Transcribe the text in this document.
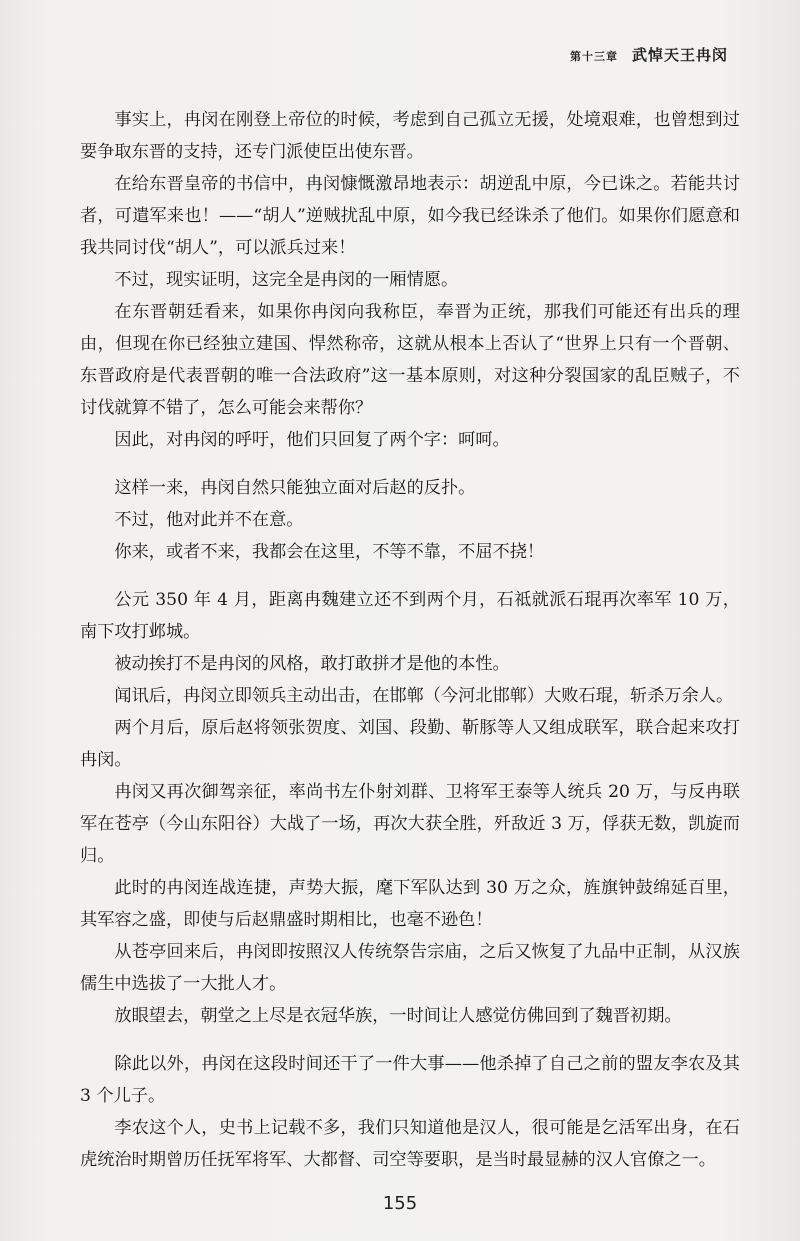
第十三章 武悼天王冉闵

事实上，冉闵在刚登上帝位的时候，考虑到自己孤立无援，处境艰难，也曾想到过要争取东晋的支持，还专门派使臣出使东晋。

在给东晋皇帝的书信中，冉闵慷慨激昂地表示：胡逆乱中原，今已诛之。若能共讨者，可遣军来也！——“胡人”逆贼扰乱中原，如今我已经诛杀了他们。如果你们愿意和我共同讨伐“胡人”，可以派兵过来！

不过，现实证明，这完全是冉闵的一厢情愿。

在东晋朝廷看来，如果你冉闵向我称臣，奉晋为正统，那我们可能还有出兵的理由，但现在你已经独立建国、悍然称帝，这就从根本上否认了“世界上只有一个晋朝、东晋政府是代表晋朝的唯一合法政府”这一基本原则，对这种分裂国家的乱臣贼子，不讨伐就算不错了，怎么可能会来帮你？

因此，对冉闵的呼吁，他们只回复了两个字：呵呵。

这样一来，冉闵自然只能独立面对后赵的反扑。

不过，他对此并不在意。

你来，或者不来，我都会在这里，不等不靠，不屈不挠！

公元 350 年 4 月，距离冉魏建立还不到两个月，石祗就派石琨再次率军 10 万，南下攻打邺城。

被动挨打不是冉闵的风格，敢打敢拼才是他的本性。

闻讯后，冉闵立即领兵主动出击，在邯郸（今河北邯郸）大败石琨，斩杀万余人。

两个月后，原后赵将领张贺度、刘国、段勤、靳豚等人又组成联军，联合起来攻打冉闵。

冉闵又再次御驾亲征，率尚书左仆射刘群、卫将军王泰等人统兵 20 万，与反冉联军在苍亭（今山东阳谷）大战了一场，再次大获全胜，歼敌近 3 万，俘获无数，凯旋而归。

此时的冉闵连战连捷，声势大振，麾下军队达到 30 万之众，旌旗钟鼓绵延百里，其军容之盛，即使与后赵鼎盛时期相比，也毫不逊色！

从苍亭回来后，冉闵即按照汉人传统祭告宗庙，之后又恢复了九品中正制，从汉族儒生中选拔了一大批人才。

放眼望去，朝堂之上尽是衣冠华族，一时间让人感觉仿佛回到了魏晋初期。

除此以外，冉闵在这段时间还干了一件大事——他杀掉了自己之前的盟友李农及其 3 个儿子。

李农这个人，史书上记载不多，我们只知道他是汉人，很可能是乞活军出身，在石虎统治时期曾历任抚军将军、大都督、司空等要职，是当时最显赫的汉人官僚之一。

155
